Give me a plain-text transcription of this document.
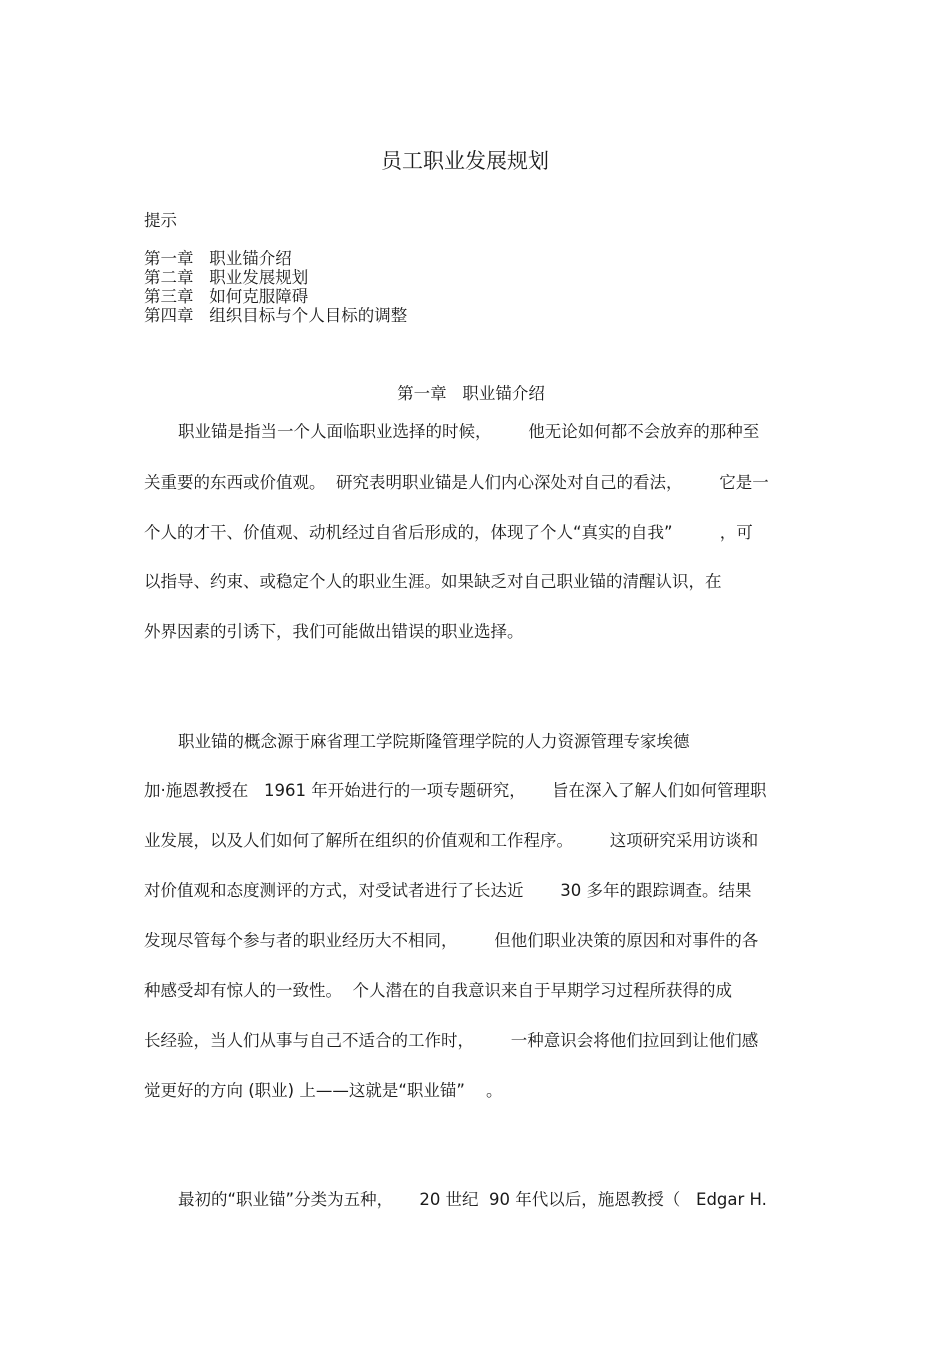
员工职业发展规划
提示
第一章   职业锚介绍
第二章   职业发展规划
第三章   如何克服障碍
第四章   组织目标与个人目标的调整
第一章   职业锚介绍
职业锚是指当一个人面临职业选择的时候，       他无论如何都不会放弃的那种至
关重要的东西或价值观。  研究表明职业锚是人们内心深处对自己的看法，       它是一
个人的才干、价值观、动机经过自省后形成的，体现了个人“真实的自我”         ，可
以指导、约束、或稳定个人的职业生涯。如果缺乏对自己职业锚的清醒认识，在
外界因素的引诱下，我们可能做出错误的职业选择。
职业锚的概念源于麻省理工学院斯隆管理学院的人力资源管理专家埃德
加·施恩教授在   1961 年开始进行的一项专题研究，     旨在深入了解人们如何管理职
业发展，以及人们如何了解所在组织的价值观和工作程序。       这项研究采用访谈和
对价值观和态度测评的方式，对受试者进行了长达近       30 多年的跟踪调查。结果
发现尽管每个参与者的职业经历大不相同，       但他们职业决策的原因和对事件的各
种感受却有惊人的一致性。  个人潜在的自我意识来自于早期学习过程所获得的成
长经验，当人们从事与自己不适合的工作时，       一种意识会将他们拉回到让他们感
觉更好的方向 (职业) 上——这就是“职业锚”    。
最初的“职业锚”分类为五种，     20 世纪  90 年代以后，施恩教授（   Edgar H.
